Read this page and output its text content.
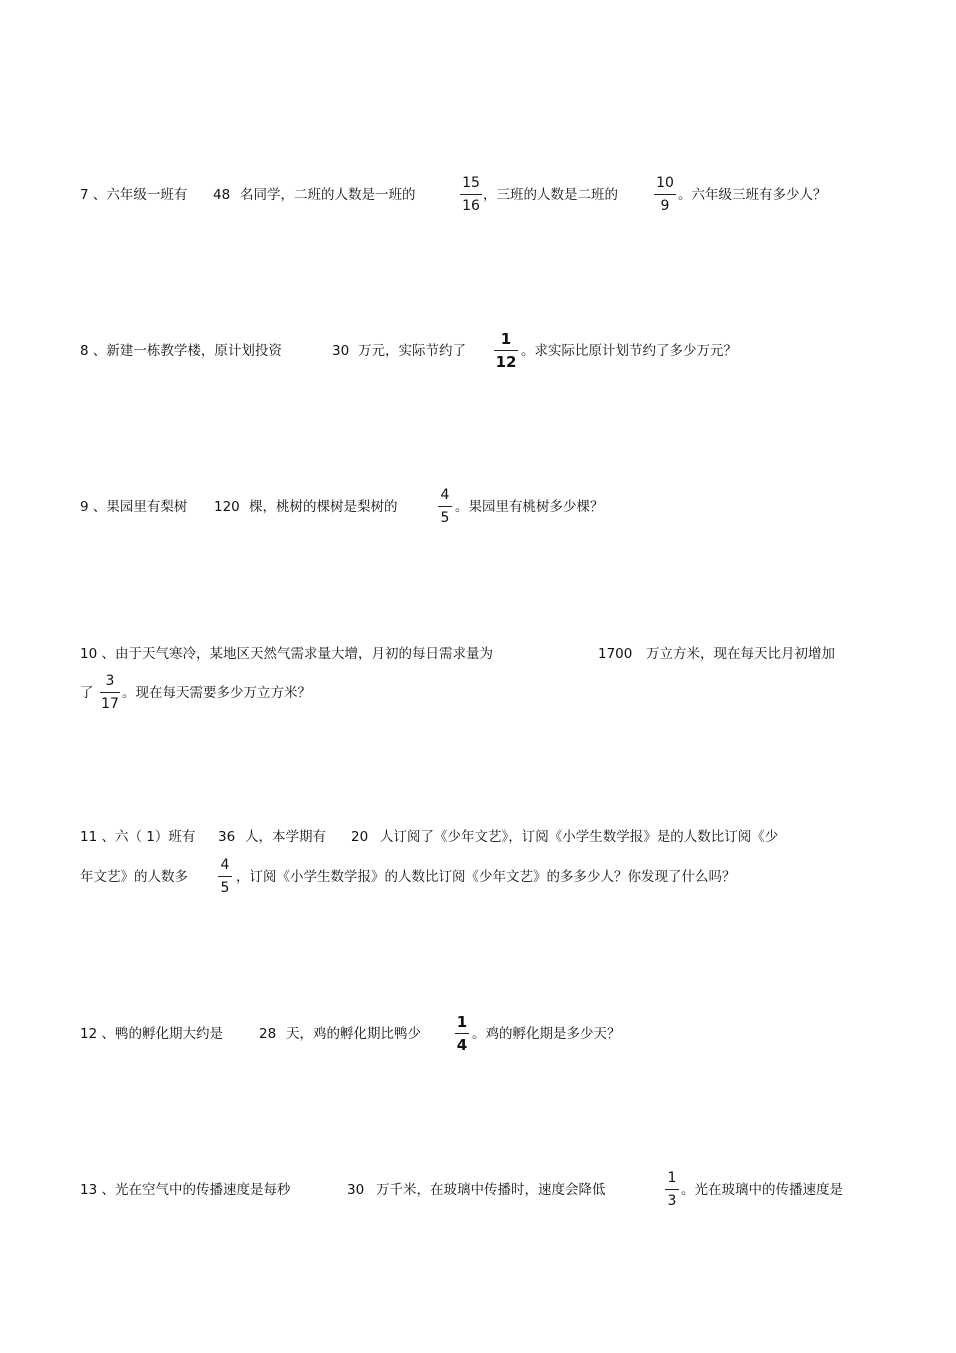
7 、六年级一班有 48 名同学，二班的人数是一班的
15
16
，三班的人数是二班的
10
9
。六年级三班有多少人？
8 、新建一栋教学楼，原计划投资	30 万元，实际节约了
1
12
。求实际比原计划节约了多少万元？
9 、果园里有梨树 120 棵，桃树的棵树是梨树的
4
5
。果园里有桃树多少棵？
10 、由于天气寒冷，某地区天然气需求量大增，月初的每日需求量为	1700 万立方米，现在每天比月初增加
了
3
17
。现在每天需要多少万立方米？
11 、六（ 1）班有 36 人，本学期有 20 人订阅了《少年文艺》，订阅《小学生数学报》是的人数比订阅《少
年文艺》的人数多
4
5
，订阅《小学生数学报》的人数比订阅《少年文艺》的多多少人？你发现了什么吗？
12 、鸭的孵化期大约是	28 天，鸡的孵化期比鸭少
1
4
。鸡的孵化期是多少天？
13 、光在空气中的传播速度是每秒	30 万千米，在玻璃中传播时，速度会降低
1
3
。光在玻璃中的传播速度是
